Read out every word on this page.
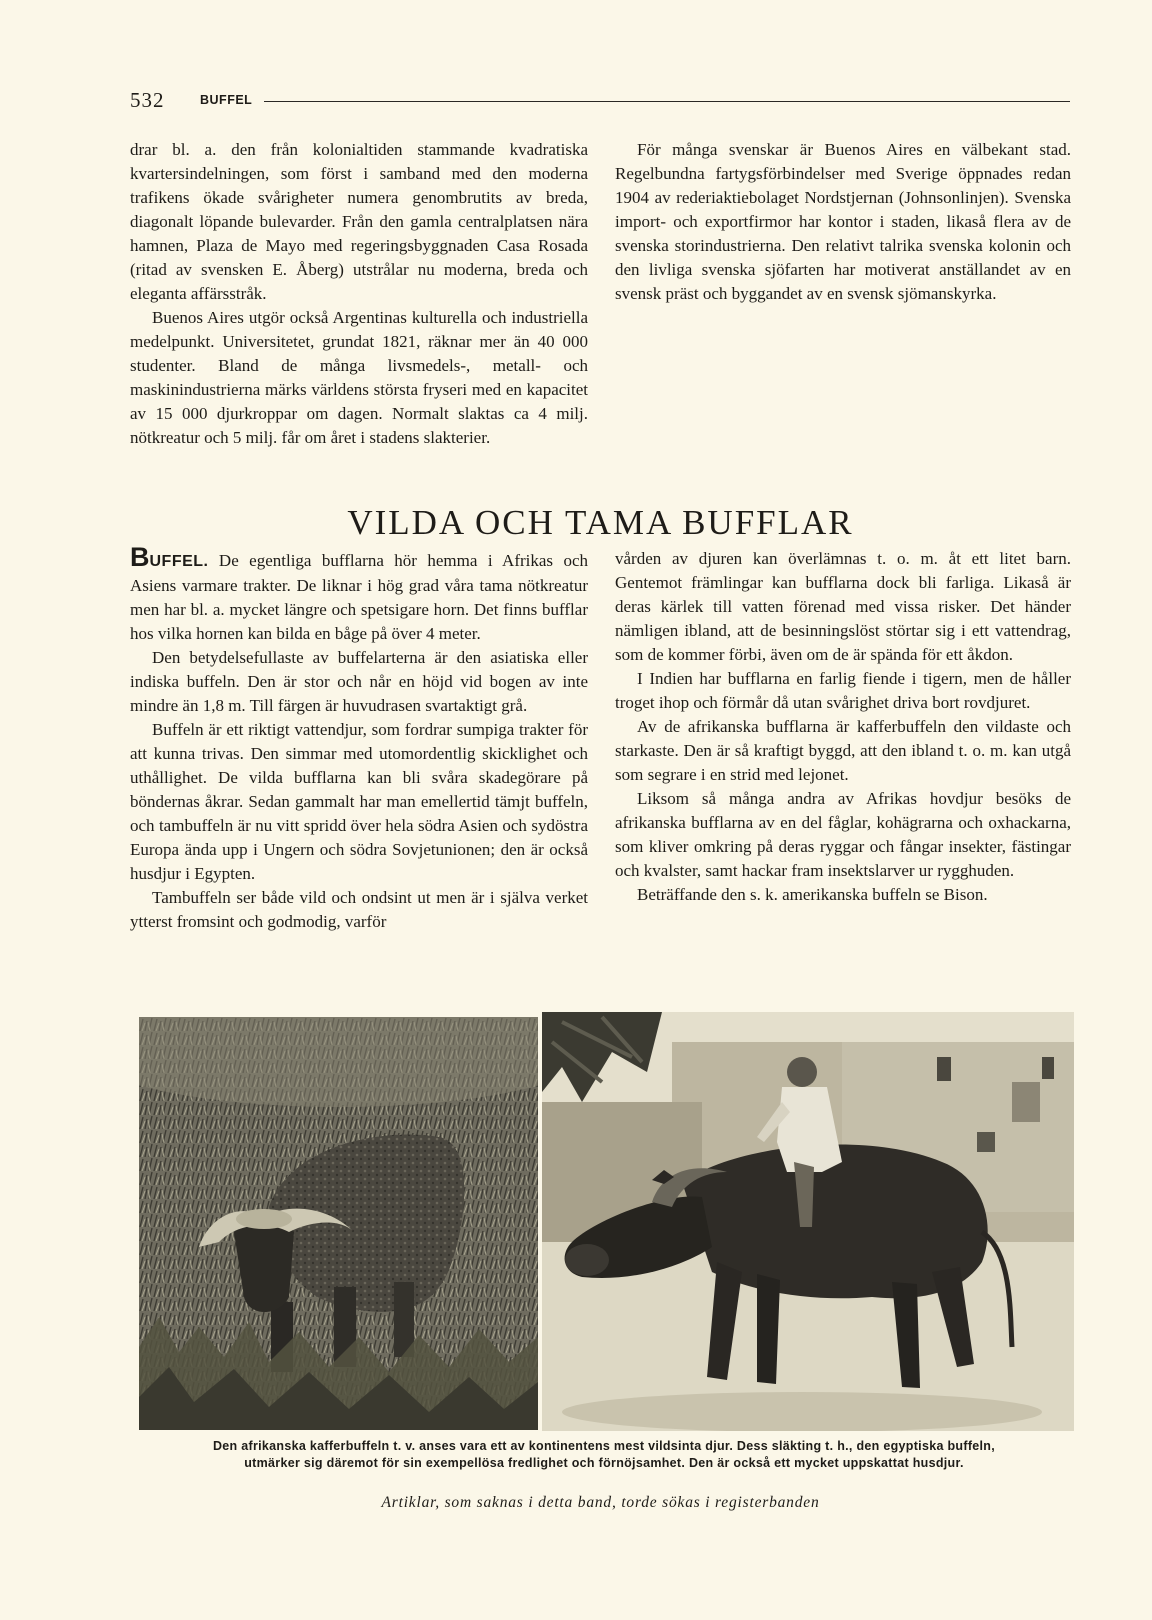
532	BUFFEL

drar bl. a. den från kolonialtiden stammande kvadratiska kvartersindelningen, som först i samband med den moderna trafikens ökade svårigheter numera genombrutits av breda, diagonalt löpande bulevarder. Från den gamla centralplatsen nära hamnen, Plaza de Mayo med regeringsbyggnaden Casa Rosada (ritad av svensken E. Åberg) utstrålar nu moderna, breda och eleganta affärsstråk.

Buenos Aires utgör också Argentinas kulturella och industriella medelpunkt. Universitetet, grundat 1821, räknar mer än 40 000 studenter. Bland de många livsmedels-, metall- och maskinindustrierna märks världens största fryseri med en kapacitet av 15 000 djurkroppar om dagen. Normalt slaktas ca 4 milj. nötkreatur och 5 milj. får om året i stadens slakterier.

För många svenskar är Buenos Aires en välbekant stad. Regelbundna fartygsförbindelser med Sverige öppnades redan 1904 av rederiaktiebolaget Nordstjernan (Johnsonlinjen). Svenska import- och exportfirmor har kontor i staden, likaså flera av de svenska storindustrierna. Den relativt talrika svenska kolonin och den livliga svenska sjöfarten har motiverat anställandet av en svensk präst och byggandet av en svensk sjömanskyrka.

VILDA OCH TAMA BUFFLAR

BUFFEL. De egentliga bufflarna hör hemma i Afrikas och Asiens varmare trakter. De liknar i hög grad våra tama nötkreatur men har bl. a. mycket längre och spetsigare horn. Det finns bufflar hos vilka hornen kan bilda en båge på över 4 meter.

Den betydelsefullaste av buffelarterna är den asiatiska eller indiska buffeln. Den är stor och når en höjd vid bogen av inte mindre än 1,8 m. Till färgen är huvudrasen svartaktigt grå.

Buffeln är ett riktigt vattendjur, som fordrar sumpiga trakter för att kunna trivas. Den simmar med utomordentlig skicklighet och uthållighet. De vilda bufflarna kan bli svåra skadegörare på böndernas åkrar. Sedan gammalt har man emellertid tämjt buffeln, och tambuffeln är nu vitt spridd över hela södra Asien och sydöstra Europa ända upp i Ungern och södra Sovjetunionen; den är också husdjur i Egypten.

Tambuffeln ser både vild och ondsint ut men är i själva verket ytterst fromsint och godmodig, varför

vården av djuren kan överlämnas t. o. m. åt ett litet barn. Gentemot främlingar kan bufflarna dock bli farliga. Likaså är deras kärlek till vatten förenad med vissa risker. Det händer nämligen ibland, att de besinningslöst störtar sig i ett vattendrag, som de kommer förbi, även om de är spända för ett åkdon.

I Indien har bufflarna en farlig fiende i tigern, men de håller troget ihop och förmår då utan svårighet driva bort rovdjuret.

Av de afrikanska bufflarna är kafferbuffeln den vildaste och starkaste. Den är så kraftigt byggd, att den ibland t. o. m. kan utgå som segrare i en strid med lejonet.

Liksom så många andra av Afrikas hovdjur besöks de afrikanska bufflarna av en del fåglar, kohägrarna och oxhackarna, som kliver omkring på deras ryggar och fångar insekter, fästingar och kvalster, samt hackar fram insektslarver ur rygghuden.

Beträffande den s. k. amerikanska buffeln se Bison.

Den afrikanska kafferbuffeln t. v. anses vara ett av kontinentens mest vildsinta djur. Dess släkting t. h., den egyptiska buffeln,
utmärker sig däremot för sin exempellösa fredlighet och förnöjsamhet. Den är också ett mycket uppskattat husdjur.
Artiklar, som saknas i detta band, torde sökas i registerbanden
